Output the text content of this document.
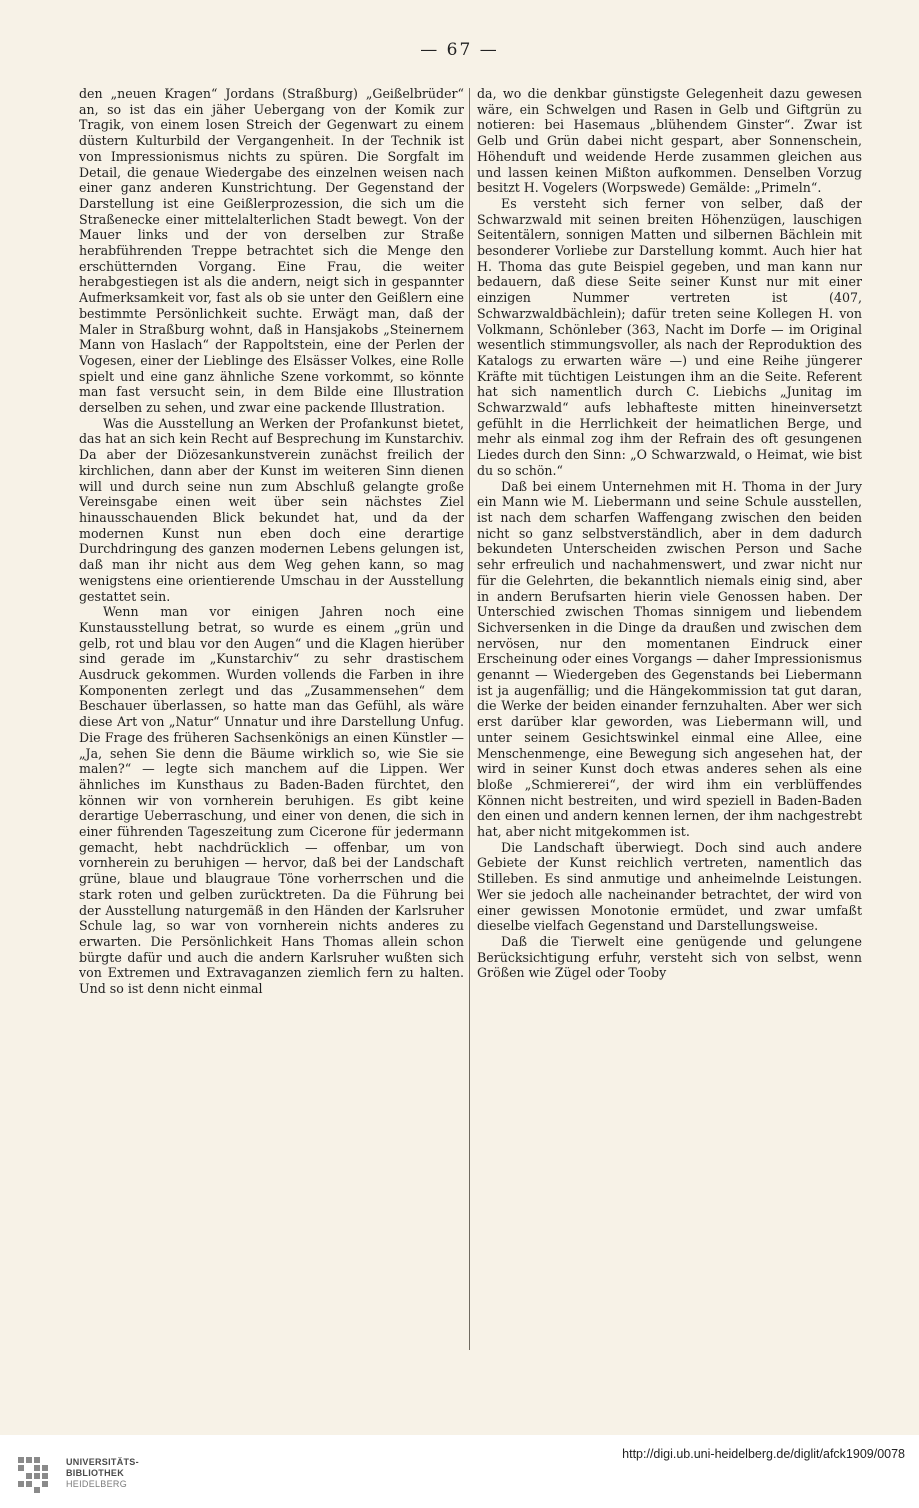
— 67 —

den „neuen Kragen“ Jordans (Straßburg) „Geißelbrüder“ an, so ist das ein jäher Uebergang von der Komik zur Tragik, von einem losen Streich der Gegenwart zu einem düstern Kulturbild der Vergangenheit. In der Technik ist von Impressionismus nichts zu spüren. Die Sorgfalt im Detail, die genaue Wiedergabe des einzelnen weisen nach einer ganz anderen Kunstrichtung. Der Gegenstand der Darstellung ist eine Geißlerprozession, die sich um die Straßenecke einer mittelalterlichen Stadt bewegt. Von der Mauer links und der von derselben zur Straße herabführenden Treppe betrachtet sich die Menge den erschütternden Vorgang. Eine Frau, die weiter herabgestiegen ist als die andern, neigt sich in gespannter Aufmerksamkeit vor, fast als ob sie unter den Geißlern eine bestimmte Persönlichkeit suchte. Erwägt man, daß der Maler in Straßburg wohnt, daß in Hansjakobs „Steinernem Mann von Haslach“ der Rappoltstein, eine der Perlen der Vogesen, einer der Lieblinge des Elsässer Volkes, eine Rolle spielt und eine ganz ähnliche Szene vorkommt, so könnte man fast versucht sein, in dem Bilde eine Illustration derselben zu sehen, und zwar eine packende Illustration.

Was die Ausstellung an Werken der Profankunst bietet, das hat an sich kein Recht auf Besprechung im Kunstarchiv. Da aber der Diözesankunstverein zunächst freilich der kirchlichen, dann aber der Kunst im weiteren Sinn dienen will und durch seine nun zum Abschluß gelangte große Vereinsgabe einen weit über sein nächstes Ziel hinausschauenden Blick bekundet hat, und da der modernen Kunst nun eben doch eine derartige Durchdringung des ganzen modernen Lebens gelungen ist, daß man ihr nicht aus dem Weg gehen kann, so mag wenigstens eine orientierende Umschau in der Ausstellung gestattet sein.

Wenn man vor einigen Jahren noch eine Kunstausstellung betrat, so wurde es einem „grün und gelb, rot und blau vor den Augen“ und die Klagen hierüber sind gerade im „Kunstarchiv“ zu sehr drastischem Ausdruck gekommen. Wurden vollends die Farben in ihre Komponenten zerlegt und das „Zusammensehen“ dem Beschauer überlassen, so hatte man das Gefühl, als wäre diese Art von „Natur“ Unnatur und ihre Darstellung Unfug. Die Frage des früheren Sachsenkönigs an einen Künstler — „Ja, sehen Sie denn die Bäume wirklich so, wie Sie sie malen?“ — legte sich manchem auf die Lippen. Wer ähnliches im Kunsthaus zu Baden-Baden fürchtet, den können wir von vornherein beruhigen. Es gibt keine derartige Ueberraschung, und einer von denen, die sich in einer führenden Tageszeitung zum Cicerone für jedermann gemacht, hebt nachdrücklich — offenbar, um von vornherein zu beruhigen — hervor, daß bei der Landschaft grüne, blaue und blaugraue Töne vorherrschen und die stark roten und gelben zurücktreten. Da die Führung bei der Ausstellung naturgemäß in den Händen der Karlsruher Schule lag, so war von vornherein nichts anderes zu erwarten. Die Persönlichkeit Hans Thomas allein schon bürgte dafür und auch die andern Karlsruher wußten sich von Extremen und Extravaganzen ziemlich fern zu halten. Und so ist denn nicht einmal

da, wo die denkbar günstigste Gelegenheit dazu gewesen wäre, ein Schwelgen und Rasen in Gelb und Giftgrün zu notieren: bei Hasemaus „blühendem Ginster“. Zwar ist Gelb und Grün dabei nicht gespart, aber Sonnenschein, Höhenduft und weidende Herde zusammen gleichen aus und lassen keinen Mißton aufkommen. Denselben Vorzug besitzt H. Vogelers (Worpswede) Gemälde: „Primeln“.

Es versteht sich ferner von selber, daß der Schwarzwald mit seinen breiten Höhenzügen, lauschigen Seitentälern, sonnigen Matten und silbernen Bächlein mit besonderer Vorliebe zur Darstellung kommt. Auch hier hat H. Thoma das gute Beispiel gegeben, und man kann nur bedauern, daß diese Seite seiner Kunst nur mit einer einzigen Nummer vertreten ist (407, Schwarzwaldbächlein); dafür treten seine Kollegen H. von Volkmann, Schönleber (363, Nacht im Dorfe — im Original wesentlich stimmungsvoller, als nach der Reproduktion des Katalogs zu erwarten wäre —) und eine Reihe jüngerer Kräfte mit tüchtigen Leistungen ihm an die Seite. Referent hat sich namentlich durch C. Liebichs „Junitag im Schwarzwald“ aufs lebhafteste mitten hineinversetzt gefühlt in die Herrlichkeit der heimatlichen Berge, und mehr als einmal zog ihm der Refrain des oft gesungenen Liedes durch den Sinn: „O Schwarzwald, o Heimat, wie bist du so schön.“

Daß bei einem Unternehmen mit H. Thoma in der Jury ein Mann wie M. Liebermann und seine Schule ausstellen, ist nach dem scharfen Waffengang zwischen den beiden nicht so ganz selbstverständlich, aber in dem dadurch bekundeten Unterscheiden zwischen Person und Sache sehr erfreulich und nachahmenswert, und zwar nicht nur für die Gelehrten, die bekanntlich niemals einig sind, aber in andern Berufsarten hierin viele Genossen haben. Der Unterschied zwischen Thomas sinnigem und liebendem Sichversenken in die Dinge da draußen und zwischen dem nervösen, nur den momentanen Eindruck einer Erscheinung oder eines Vorgangs — daher Impressionismus genannt — Wiedergeben des Gegenstands bei Liebermann ist ja augenfällig; und die Hängekommission tat gut daran, die Werke der beiden einander fernzuhalten. Aber wer sich erst darüber klar geworden, was Liebermann will, und unter seinem Gesichtswinkel einmal eine Allee, eine Menschenmenge, eine Bewegung sich angesehen hat, der wird in seiner Kunst doch etwas anderes sehen als eine bloße „Schmiererei“, der wird ihm ein verblüffendes Können nicht bestreiten, und wird speziell in Baden-Baden den einen und andern kennen lernen, der ihm nachgestrebt hat, aber nicht mitgekommen ist.

Die Landschaft überwiegt. Doch sind auch andere Gebiete der Kunst reichlich vertreten, namentlich das Stilleben. Es sind anmutige und anheimelnde Leistungen. Wer sie jedoch alle nacheinander betrachtet, der wird von einer gewissen Monotonie ermüdet, und zwar umfaßt dieselbe vielfach Gegenstand und Darstellungsweise.

Daß die Tierwelt eine genügende und gelungene Berücksichtigung erfuhr, versteht sich von selbst, wenn Größen wie Zügel oder Tooby

UNIVERSITÄTS-
BIBLIOTHEK
HEIDELBERG
http://digi.ub.uni-heidelberg.de/diglit/afck1909/0078
